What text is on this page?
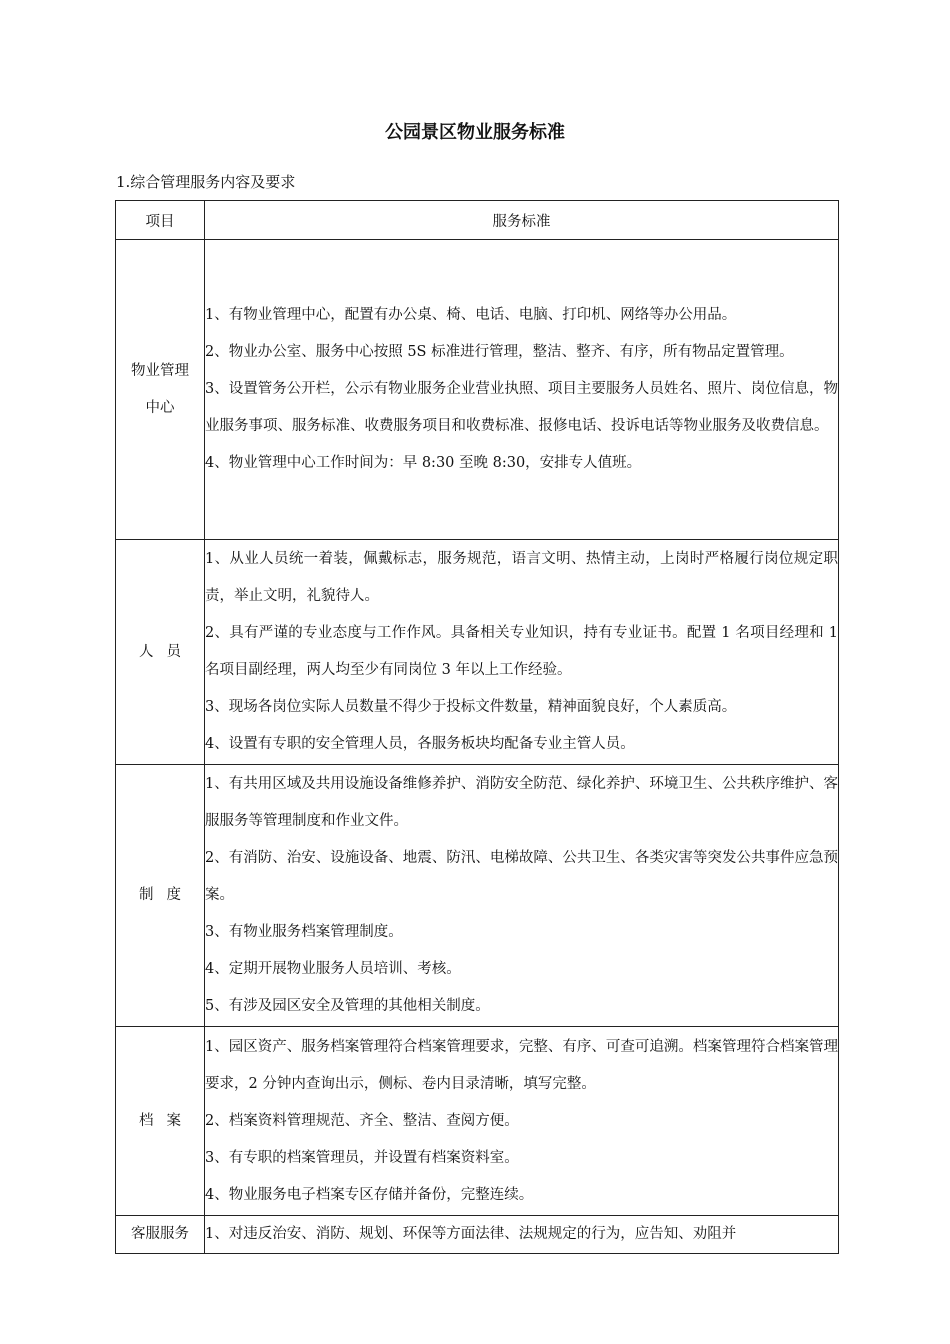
公园景区物业服务标准
1.综合管理服务内容及要求
项目	服务标准
物业管理中心	1、有物业管理中心，配置有办公桌、椅、电话、电脑、打印机、网络等办公用品。
2、物业办公室、服务中心按照 5S 标准进行管理，整洁、整齐、有序，所有物品定置管理。
3、设置管务公开栏，公示有物业服务企业营业执照、项目主要服务人员姓名、照片、岗位信息，物业服务事项、服务标准、收费服务项目和收费标准、报修电话、投诉电话等物业服务及收费信息。
4、物业管理中心工作时间为：早 8:30 至晚 8:30，安排专人值班。

人员	1、从业人员统一着装，佩戴标志，服务规范，语言文明、热情主动，上岗时严格履行岗位规定职责，举止文明，礼貌待人。
2、具有严谨的专业态度与工作作风。具备相关专业知识，持有专业证书。配置 1 名项目经理和 1 名项目副经理，两人均至少有同岗位 3 年以上工作经验。
3、现场各岗位实际人员数量不得少于投标文件数量，精神面貌良好，个人素质高。
4、设置有专职的安全管理人员，各服务板块均配备专业主管人员。

制度	1、有共用区域及共用设施设备维修养护、消防安全防范、绿化养护、环境卫生、公共秩序维护、客服服务等管理制度和作业文件。
2、有消防、治安、设施设备、地震、防汛、电梯故障、公共卫生、各类灾害等突发公共事件应急预案。
3、有物业服务档案管理制度。
4、定期开展物业服务人员培训、考核。
5、有涉及园区安全及管理的其他相关制度。

档案	1、园区资产、服务档案管理符合档案管理要求，完整、有序、可查可追溯。档案管理符合档案管理要求，2 分钟内查询出示，侧标、卷内目录清晰，填写完整。
2、档案资料管理规范、齐全、整洁、查阅方便。
3、有专职的档案管理员，并设置有档案资料室。
4、物业服务电子档案专区存储并备份，完整连续。

客服服务	1、对违反治安、消防、规划、环保等方面法律、法规规定的行为，应告知、劝阻并
